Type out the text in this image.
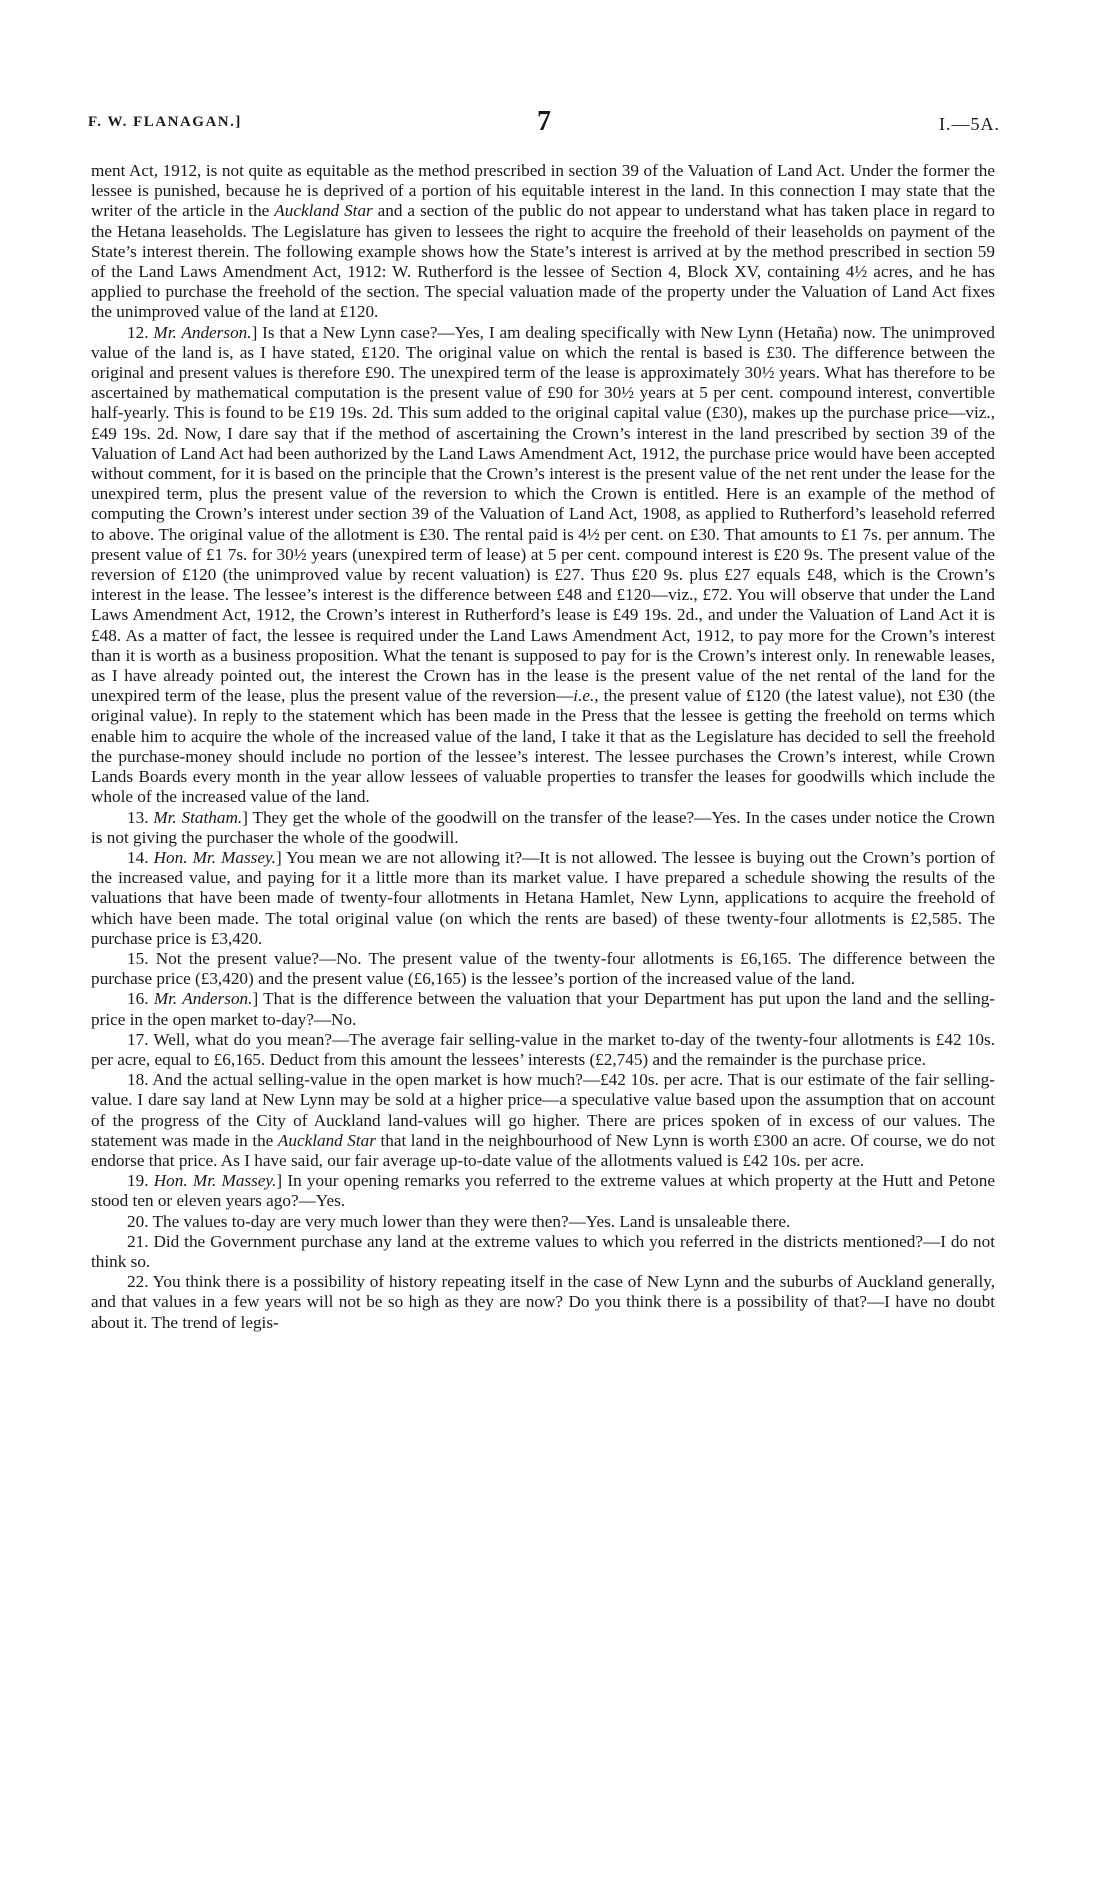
F. W. FLANAGAN.]	7	I.—5A.

ment Act, 1912, is not quite as equitable as the method prescribed in section 39 of the Valuation of Land Act. Under the former the lessee is punished, because he is deprived of a portion of his equitable interest in the land. In this connection I may state that the writer of the article in the Auckland Star and a section of the public do not appear to understand what has taken place in regard to the Hetana leaseholds. The Legislature has given to lessees the right to acquire the freehold of their leaseholds on payment of the State’s interest therein. The following example shows how the State’s interest is arrived at by the method prescribed in section 59 of the Land Laws Amendment Act, 1912: W. Rutherford is the lessee of Section 4, Block XV, containing 4½ acres, and he has applied to purchase the freehold of the section. The special valuation made of the property under the Valuation of Land Act fixes the unimproved value of the land at £120.

12. Mr. Anderson.] Is that a New Lynn case?—Yes, I am dealing specifically with New Lynn (Hetaña) now. The unimproved value of the land is, as I have stated, £120. The original value on which the rental is based is £30. The difference between the original and present values is therefore £90. The unexpired term of the lease is approximately 30½ years. What has therefore to be ascertained by mathematical computation is the present value of £90 for 30½ years at 5 per cent. compound interest, convertible half-yearly. This is found to be £19 19s. 2d. This sum added to the original capital value (£30), makes up the purchase price—viz., £49 19s. 2d. Now, I dare say that if the method of ascertaining the Crown’s interest in the land prescribed by section 39 of the Valuation of Land Act had been authorized by the Land Laws Amendment Act, 1912, the purchase price would have been accepted without comment, for it is based on the principle that the Crown’s interest is the present value of the net rent under the lease for the unexpired term, plus the present value of the reversion to which the Crown is entitled. Here is an example of the method of computing the Crown’s interest under section 39 of the Valuation of Land Act, 1908, as applied to Rutherford’s leasehold referred to above. The original value of the allotment is £30. The rental paid is 4½ per cent. on £30. That amounts to £1 7s. per annum. The present value of £1 7s. for 30½ years (unexpired term of lease) at 5 per cent. compound interest is £20 9s. The present value of the reversion of £120 (the unimproved value by recent valuation) is £27. Thus £20 9s. plus £27 equals £48, which is the Crown’s interest in the lease. The lessee’s interest is the difference between £48 and £120—viz., £72. You will observe that under the Land Laws Amendment Act, 1912, the Crown’s interest in Rutherford’s lease is £49 19s. 2d., and under the Valuation of Land Act it is £48. As a matter of fact, the lessee is required under the Land Laws Amendment Act, 1912, to pay more for the Crown’s interest than it is worth as a business proposition. What the tenant is supposed to pay for is the Crown’s interest only. In renewable leases, as I have already pointed out, the interest the Crown has in the lease is the present value of the net rental of the land for the unexpired term of the lease, plus the present value of the reversion—i.e., the present value of £120 (the latest value), not £30 (the original value). In reply to the statement which has been made in the Press that the lessee is getting the freehold on terms which enable him to acquire the whole of the increased value of the land, I take it that as the Legislature has decided to sell the freehold the purchase-money should include no portion of the lessee’s interest. The lessee purchases the Crown’s interest, while Crown Lands Boards every month in the year allow lessees of valuable properties to transfer the leases for goodwills which include the whole of the increased value of the land.

13. Mr. Statham.] They get the whole of the goodwill on the transfer of the lease?—Yes. In the cases under notice the Crown is not giving the purchaser the whole of the goodwill.

14. Hon. Mr. Massey.] You mean we are not allowing it?—It is not allowed. The lessee is buying out the Crown’s portion of the increased value, and paying for it a little more than its market value. I have prepared a schedule showing the results of the valuations that have been made of twenty-four allotments in Hetana Hamlet, New Lynn, applications to acquire the freehold of which have been made. The total original value (on which the rents are based) of these twenty-four allotments is £2,585. The purchase price is £3,420.

15. Not the present value?—No. The present value of the twenty-four allotments is £6,165. The difference between the purchase price (£3,420) and the present value (£6,165) is the lessee’s portion of the increased value of the land.

16. Mr. Anderson.] That is the difference between the valuation that your Department has put upon the land and the selling-price in the open market to-day?—No.

17. Well, what do you mean?—The average fair selling-value in the market to-day of the twenty-four allotments is £42 10s. per acre, equal to £6,165. Deduct from this amount the lessees’ interests (£2,745) and the remainder is the purchase price.

18. And the actual selling-value in the open market is how much?—£42 10s. per acre. That is our estimate of the fair selling-value. I dare say land at New Lynn may be sold at a higher price—a speculative value based upon the assumption that on account of the progress of the City of Auckland land-values will go higher. There are prices spoken of in excess of our values. The statement was made in the Auckland Star that land in the neighbourhood of New Lynn is worth £300 an acre. Of course, we do not endorse that price. As I have said, our fair average up-to-date value of the allotments valued is £42 10s. per acre.

19. Hon. Mr. Massey.] In your opening remarks you referred to the extreme values at which property at the Hutt and Petone stood ten or eleven years ago?—Yes.

20. The values to-day are very much lower than they were then?—Yes. Land is unsaleable there.

21. Did the Government purchase any land at the extreme values to which you referred in the districts mentioned?—I do not think so.

22. You think there is a possibility of history repeating itself in the case of New Lynn and the suburbs of Auckland generally, and that values in a few years will not be so high as they are now? Do you think there is a possibility of that?—I have no doubt about it. The trend of legis-
